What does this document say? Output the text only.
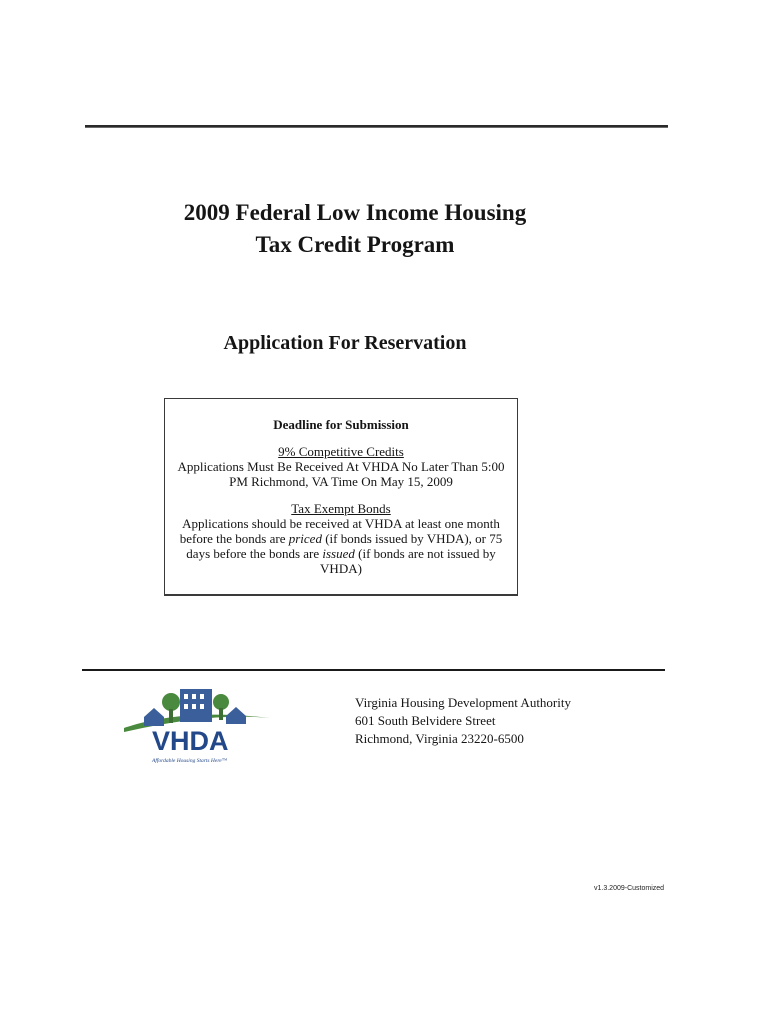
2009 Federal Low Income Housing
Tax Credit Program
Application For Reservation
Deadline for Submission
9% Competitive Credits
Applications Must Be Received At VHDA No Later Than 5:00
PM Richmond, VA Time On May 15, 2009
Tax Exempt Bonds
Applications should be received at VHDA at least one month
before the bonds are priced (if bonds issued by VHDA), or 75
days before the bonds are issued (if bonds are not issued by
VHDA)
VHDA
Affordable Housing Starts Here™
Virginia Housing Development Authority
601 South Belvidere Street
Richmond, Virginia 23220-6500
v1.3.2009-Customized
